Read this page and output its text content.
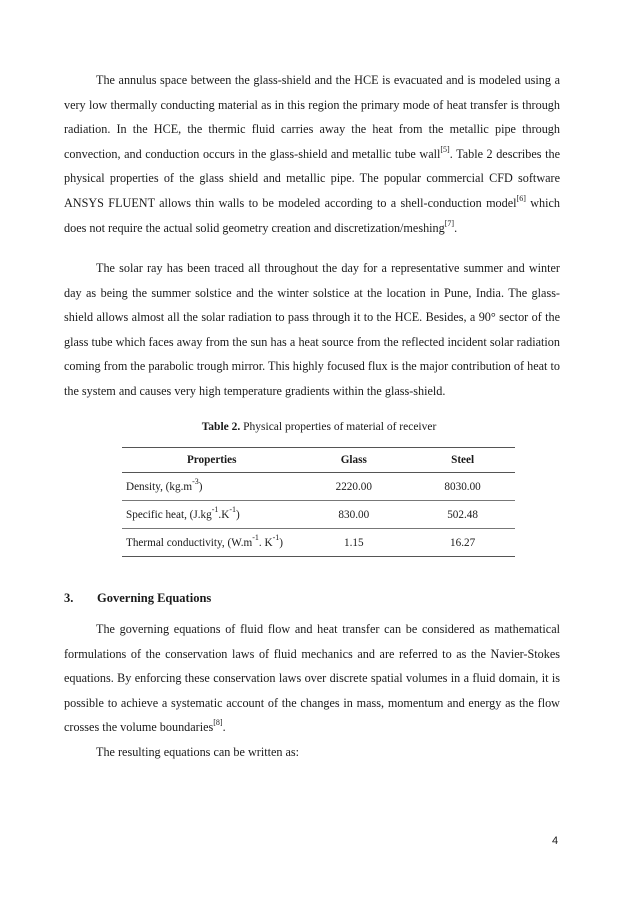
The annulus space between the glass-shield and the HCE is evacuated and is modeled using a very low thermally conducting material as in this region the primary mode of heat transfer is through radiation. In the HCE, the thermic fluid carries away the heat from the metallic pipe through convection, and conduction occurs in the glass-shield and metallic tube wall[5]. Table 2 describes the physical properties of the glass shield and metallic pipe. The popular commercial CFD software ANSYS FLUENT allows thin walls to be modeled according to a shell-conduction model[6] which does not require the actual solid geometry creation and discretization/meshing[7].

The solar ray has been traced all throughout the day for a representative summer and winter day as being the summer solstice and the winter solstice at the location in Pune, India. The glass-shield allows almost all the solar radiation to pass through it to the HCE. Besides, a 90° sector of the glass tube which faces away from the sun has a heat source from the reflected incident solar radiation coming from the parabolic trough mirror. This highly focused flux is the major contribution of heat to the system and causes very high temperature gradients within the glass-shield.

Table 2. Physical properties of material of receiver
Properties	Glass	Steel
Density, $(kg.m^{-3})$	2220.00	8030.00
Specific heat, $(J.kg^{-1}.K^{-1})$	830.00	502.48
Thermal conductivity, ($W.m^{-1}$. $K^{-1}$)	1.15	16.27
3. Governing Equations

The governing equations of fluid flow and heat transfer can be considered as mathematical formulations of the conservation laws of fluid mechanics and are referred to as the Navier-Stokes equations. By enforcing these conservation laws over discrete spatial volumes in a fluid domain, it is possible to achieve a systematic account of the changes in mass, momentum and energy as the flow crosses the volume boundaries[8].

The resulting equations can be written as:

4
